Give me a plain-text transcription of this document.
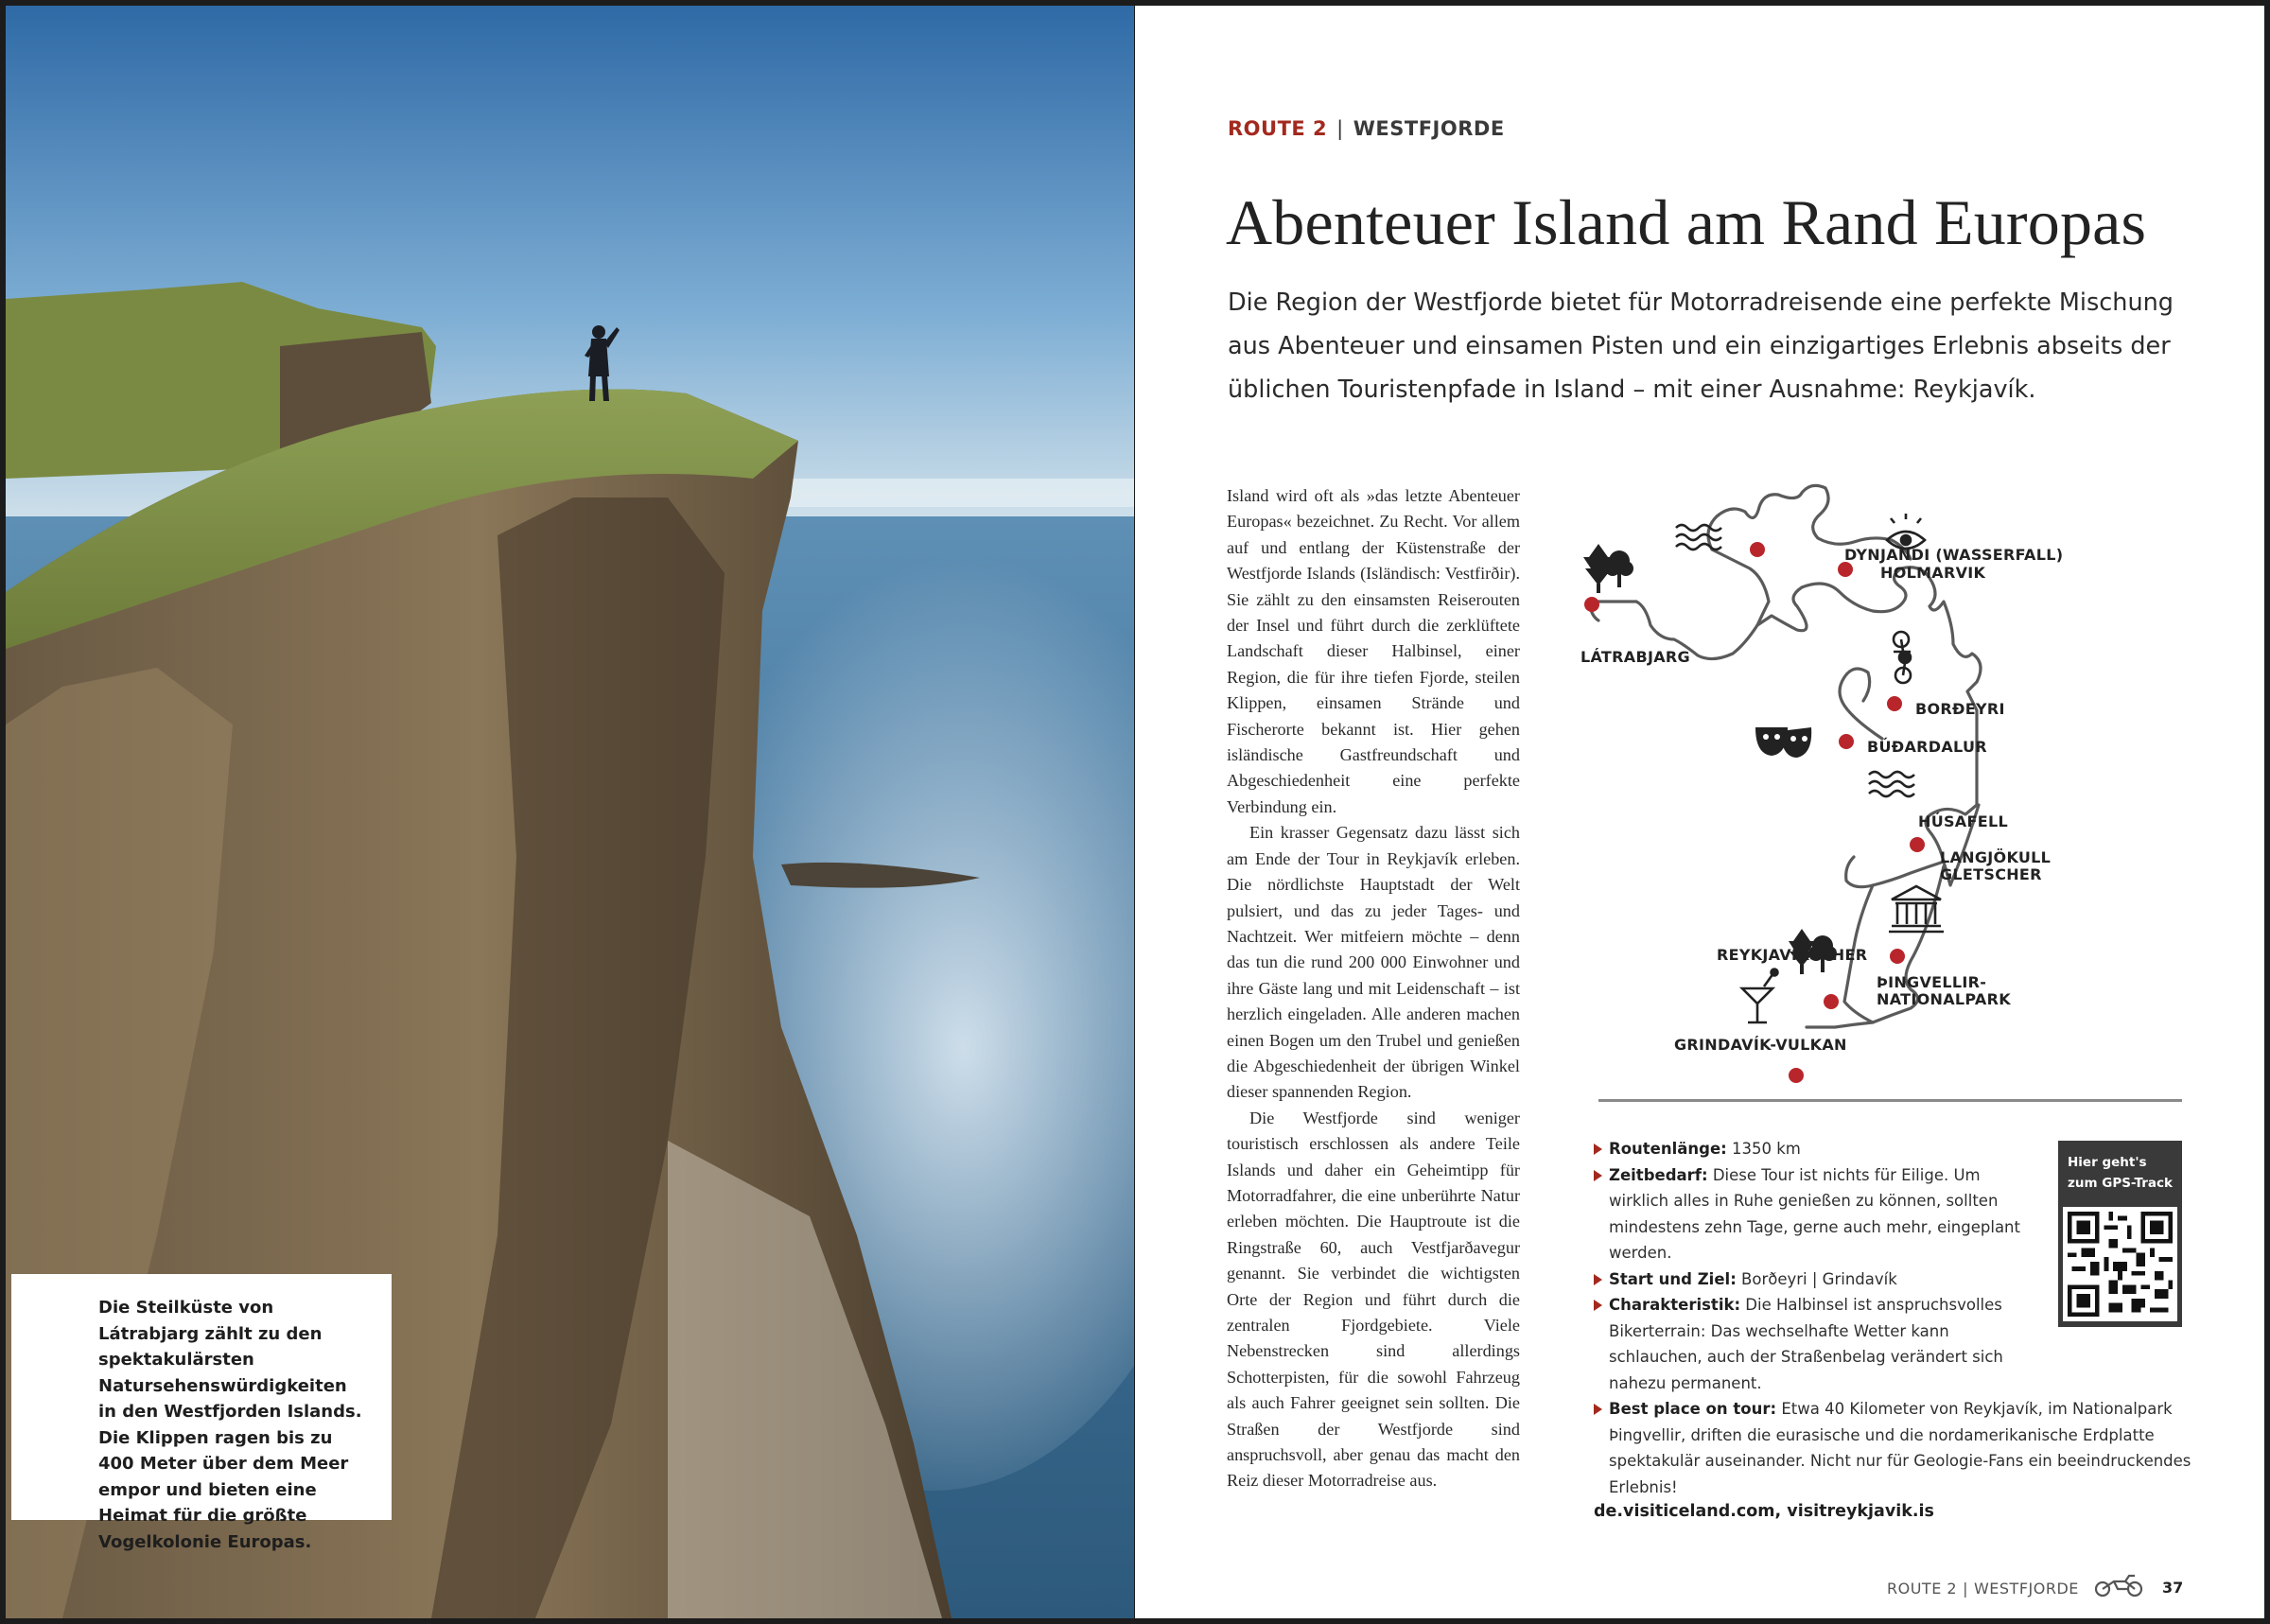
Die Steilküste von Látrabjarg zählt zu den spektakulärsten Natursehenswürdigkeiten in den Westfjorden Islands. Die Klippen ragen bis zu 400 Meter über dem Meer empor und bieten eine Heimat für die größte Vogelkolonie Europas.

ROUTE 2 | WESTFJORDE
Abenteuer Island am Rand Europas

Die Region der Westfjorde bietet für Motorradreisende eine perfekte Mischung aus Abenteuer und einsamen Pisten und ein einzigartiges Erlebnis abseits der üblichen Touristenpfade in Island – mit einer Ausnahme: Reykjavík.

Island wird oft als »das letzte Abenteuer Europas« bezeichnet. Zu Recht. Vor allem auf und entlang der Küstenstraße der Westfjorde Islands (Isländisch: Vestfirðir). Sie zählt zu den einsamsten Reiserouten der Insel und führt durch die zerklüftete Landschaft dieser Halbinsel, einer Region, die für ihre tiefen Fjorde, steilen Klippen, einsamen Strände und Fischerorte bekannt ist. Hier gehen isländische Gastfreundschaft und Abgeschiedenheit eine perfekte Verbindung ein.

Ein krasser Gegensatz dazu lässt sich am Ende der Tour in Reykjavík erleben. Die nördlichste Hauptstadt der Welt pulsiert, und das zu jeder Tages- und Nachtzeit. Wer mitfeiern möchte – denn das tun die rund 200 000 Einwohner und ihre Gäste lang und mit Leidenschaft – ist herzlich eingeladen. Alle anderen machen einen Bogen um den Trubel und genießen die Abgeschiedenheit der übrigen Winkel dieser spannenden Region.

Die Westfjorde sind weniger touristisch erschlossen als andere Teile Islands und daher ein Geheimtipp für Motorradfahrer, die eine unberührte Natur erleben möchten. Die Hauptroute ist die Ringstraße 60, auch Vestfjarðavegur genannt. Sie verbindet die wichtigsten Orte der Region und führt durch die zentralen Fjordgebiete. Viele Nebenstrecken sind allerdings Schotterpisten, für die sowohl Fahrzeug als auch Fahrer geeignet sein sollten. Die Straßen der Westfjorde sind anspruchsvoll, aber genau das macht den Reiz dieser Motorradreise aus.

DYNJANDI (WASSERFALL)
HOLMARVIK
LÁTRABJARG
BORÐEYRI
BÚÐARDALUR
HÚSAFELL
LANGJÖKULL GLETSCHER
REYKJAVÍKSCHER
ÞINGVELLIR-NATIONALPARK
GRINDAVÍK-VULKAN
Routenlänge: 1350 km
Zeitbedarf: Diese Tour ist nichts für Eilige. Um wirklich alles in Ruhe genießen zu können, sollten mindestens zehn Tage, gerne auch mehr, eingeplant werden.
Start und Ziel: Borðeyri | Grindavík
Charakteristik: Die Halbinsel ist anspruchsvolles Bikerterrain: Das wechselhafte Wetter kann schlauchen, auch der Straßenbelag verändert sich nahezu permanent.
Best place on tour: Etwa 40 Kilometer von Reykjavík, im Nationalpark Þingvellir, driften die eurasische und die nordamerikanische Erdplatte spektakulär auseinander. Nicht nur für Geologie-Fans ein beeindruckendes Erlebnis!
de.visiticeland.com, visitreykjavik.is
Hier geht's zum GPS-Track
ROUTE 2 | WESTFJORDE	37
